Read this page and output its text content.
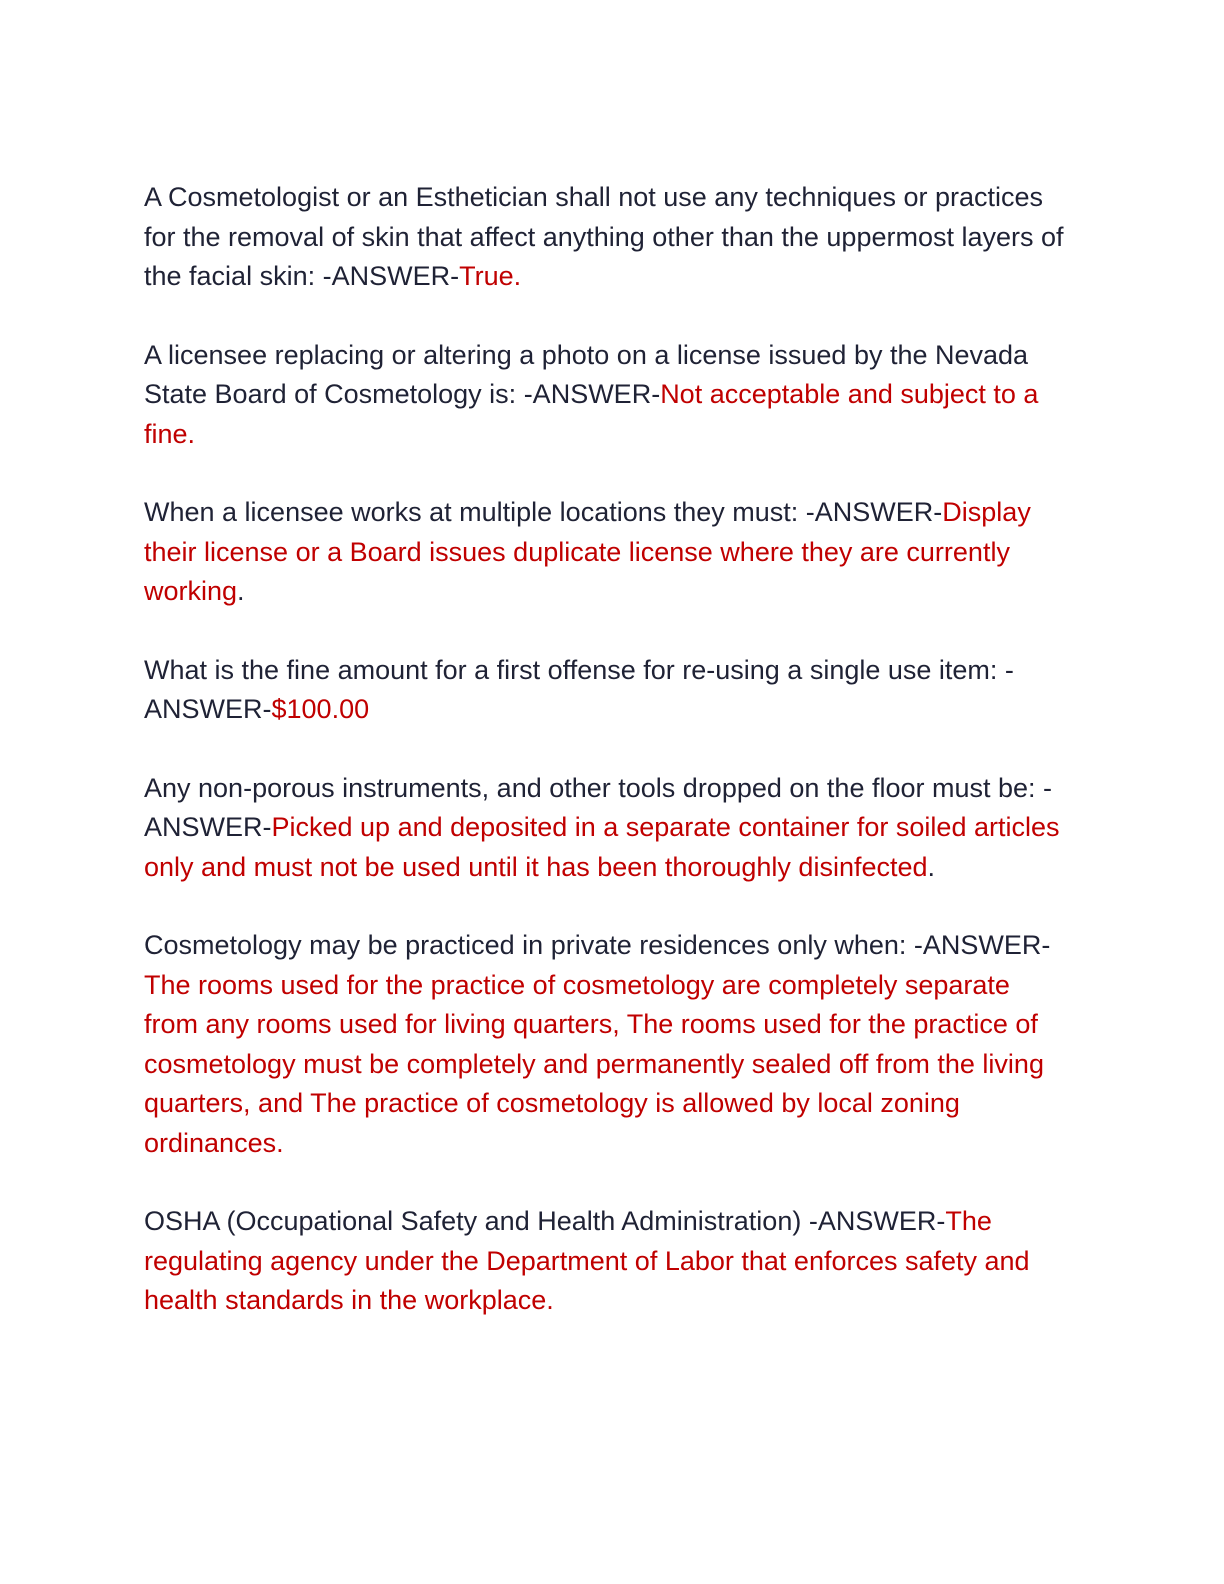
A Cosmetologist or an Esthetician shall not use any techniques or practices for the removal of skin that affect anything other than the uppermost layers of the facial skin: -ANSWER-True.

A licensee replacing or altering a photo on a license issued by the Nevada State Board of Cosmetology is: -ANSWER-Not acceptable and subject to a fine.

When a licensee works at multiple locations they must: -ANSWER-Display their license or a Board issues duplicate license where they are currently working.

What is the fine amount for a first offense for re-using a single use item: -ANSWER-$100.00

Any non-porous instruments, and other tools dropped on the floor must be: -ANSWER-Picked up and deposited in a separate container for soiled articles only and must not be used until it has been thoroughly disinfected.

Cosmetology may be practiced in private residences only when: -ANSWER-The rooms used for the practice of cosmetology are completely separate from any rooms used for living quarters, The rooms used for the practice of cosmetology must be completely and permanently sealed off from the living quarters, and The practice of cosmetology is allowed by local zoning ordinances.

OSHA (Occupational Safety and Health Administration) -ANSWER-The regulating agency under the Department of Labor that enforces safety and health standards in the workplace.
